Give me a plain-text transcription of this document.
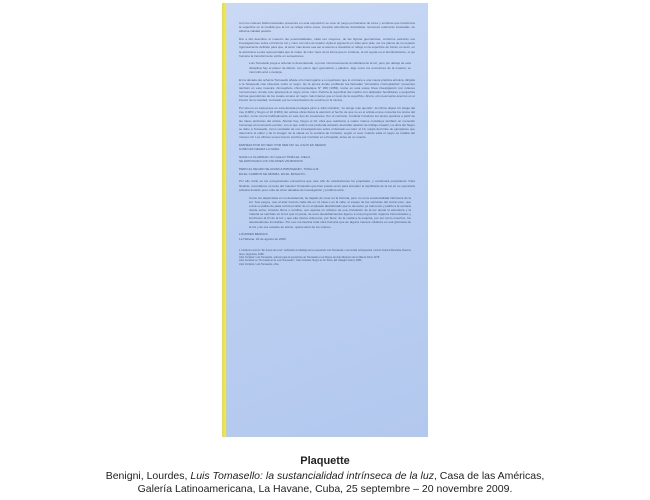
Con los relieves bidimensionales presentes en esta exposición se crea un juego permanente de luces y sombras que transforma la superficie en la medida que la luz se refleja sobre estos, creando atmósferas dramáticas, tensiones realmente inusitadas, de altísima calidad poética.

Día a día descubre el maestro las potencialidades, cada vez mayores, de las figuras geométricas, conforme avanzan sus investigaciones sobre el binomio luz y color, tan caro al creador. Ayila el pigmento en ellas pero pide, ser los planos de un espacio rigurosamente definido para que, al tener más áreas sea así el asunto a visualizar el reflejo en la superficie de fondo; es decir, en la atmósfera a esta representada que la rodea. El color nace de la forma que lo contiene, la luz ayuda en el alumbramiento, el ojo humano la transforma de vivirle en sensaciones.

Luis Tomasello juega a ordenar lo desordenado, a poner minuciosamente la cabellera de la luz, pero por debajo de esta disciplina hay el placer de liberar, con pleno rigor geométrico y plástico, algo como los emociones de la materia, su murmullo azul o naranja.

En la década del ochenta Tomasello añade otro interrogante a su quehacer que lo conduce a una nueva práctica artística, dirigida a la búsqueda casi obsesiva sobre el negro. Es la época donde proliferan las llamadas "Atmósfera cromoplástica" presentes también en este muestra: Atmosphère chromoplastique N° 366 (1983), reúne en esta suave línea investigación con relieves monocromos, donde solo aparecerá el negro como color. Perfora la superficie del cuadro con delicados hendiduras o pequeñas formas geométricas de los cuales emana un negro más intenso que el resto de la superficie. Ahora, otro levemente acercan en el interior de la cavidad, motivado por la concentración de sombra en la misma.

Por ello no es casual que en esta década produjera junto a Julio Cortázar, "su amigo más querido", los libros objeto Un elogio del tres (1980) y Negro el 10 (1984). En ambas obras llama la atención el hecho de que no es el artista el que comenta los textos del escritor, como ocurre habitualmente en este tipo de creaciones. Por el contrario, Cortázar introduce los textos poéticos a partir de las ideas pictóricas del artista. Afectar hay, Negro el 10, obra que realizaron a cuatro manos constituye también un merecido homenaje al reconocido escritor, con el que cultivó una profunda amistad, devenida relación de trabajo creador. La obra del Negro se debe a Tomasello, como resultado de sus investigaciones sobre el llamado su color. el 10, surgió del límite de ejemplares que determinó el editor y de la imagen de la valeta en la ventana de Cortázar, según el cual, cuando salía el negro se trataba del número 10. Los últimos versos fueron escritos por Cortázar en el hospital, antes de su muerte.

EMPIEZA POR NO SER. POR SER NO. EL CAOS ES NEGRO
COMO ES NEGRA LA NADA.
NACE LA CLARIDAD, SU GALLO TRIZA EL CIELO,
SE ESPONJAN LOS COLORES VANIDOSOS.
PERO EL NEGRO SE AVANCA PRIMIGENIO, TODA LUZ
EN EL CARBON SE ABISMA, EN EL BASALTO...

Por ello invito en los excepcionales encuentros que este año de celebraciones ha propiciado, y continuará propiciando. Para finalizar, recordamos un texto del maestro Tomasello que bien puede servir para entender el significado de la luz en su operatoria artística durante poco más de cinco décadas de investigación y prolífera obra:

Como los alquimistas en su decadencia, he dejado de creer en la fórmula, pero no en la sustancialidad intrínseca de la luz. Sus juegos, que al azar invento cada día en mi casa o en la calle, el espejo de las ventanas del cuarto piso, que envía su pálido de plata contra el talón de un empleado abandonado que lo devuelve ya más lento y pálido a la ventana donde entra; mirando libros o tornillos, son apenas un anticipo de esa circulación de la luz donde la atmósfera y la materia se cambian en la luz que el poeta, de esos desdoblamientos ligeros a una proyección órganos transmutados y luminosos al fin de la luz y que ella misma vida pone, por favor; de la vuelta a la esquina, por ser como nosotros, los desobedientes incurables. Por eso me fascina toda obra humana que de alguna manera colabora en esa gimnasia de la luz y de sus estados de ánimo, quiera decir de los colores.

LOURDES BENIGNI
La Habana, 20 de agosto de 2009
1 Cortázar Lorenzo "En busca de la luz" publicado al catálogo de la exposición Luis Tomasello, una mirada retrospectiva, Centro Cultural Recoleta, Buenos Aires, Argentina, 1995.
Julio Cortázar. Luis Tomasello, artículo para la exposición de Tomasello en el Museo de Arte Moderno de la Villa de París 1978.
Julio Cortázar en "El cuaderno de Luis Tomasello", Julio Cortázar, Negro el 10. París, Ed. Maeght Grand, 1984.
Julio Cortázar. Luis Tomasello, obra.

Plaquette

Benigni, Lourdes, Luis Tomasello: la sustancialidad intrínseca de la luz, Casa de las Américas,

Galería Latinoamericana, La Havane, Cuba, 25 septembre – 20 novembre 2009.
